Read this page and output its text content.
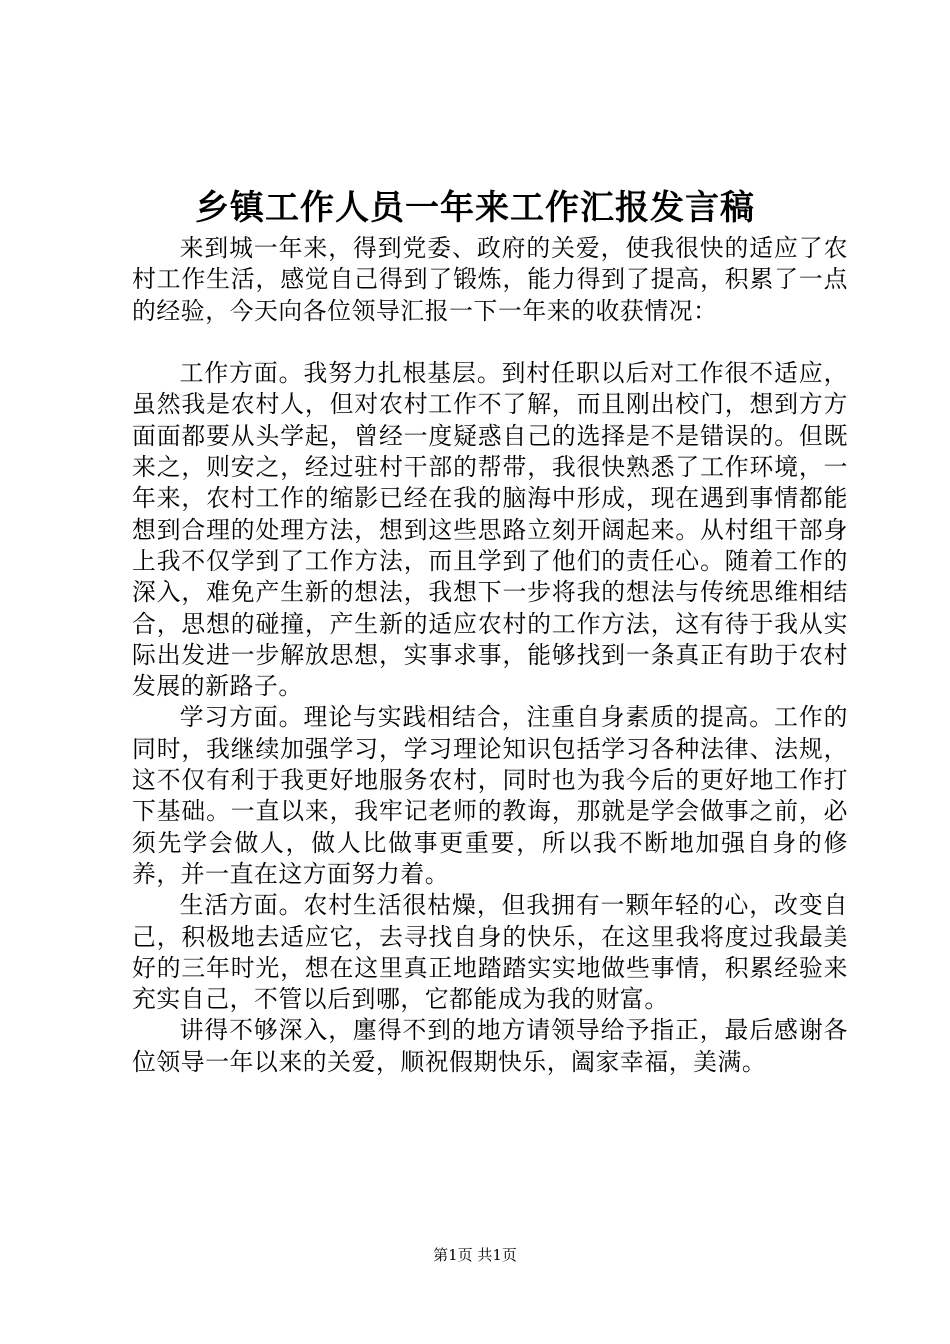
乡镇工作人员一年来工作汇报发言稿

来到城一年来，得到党委、政府的关爱，使我很快的适应了农村工作生活，感觉自己得到了锻炼，能力得到了提高，积累了一点的经验，今天向各位领导汇报一下一年来的收获情况：

工作方面。我努力扎根基层。到村任职以后对工作很不适应，虽然我是农村人，但对农村工作不了解，而且刚出校门，想到方方面面都要从头学起，曾经一度疑惑自己的选择是不是错误的。但既来之，则安之，经过驻村干部的帮带，我很快熟悉了工作环境，一年来，农村工作的缩影已经在我的脑海中形成，现在遇到事情都能想到合理的处理方法，想到这些思路立刻开阔起来。从村组干部身上我不仅学到了工作方法，而且学到了他们的责任心。随着工作的深入，难免产生新的想法，我想下一步将我的想法与传统思维相结合，思想的碰撞，产生新的适应农村的工作方法，这有待于我从实际出发进一步解放思想，实事求事，能够找到一条真正有助于农村发展的新路子。

学习方面。理论与实践相结合，注重自身素质的提高。工作的同时，我继续加强学习，学习理论知识包括学习各种法律、法规，这不仅有利于我更好地服务农村，同时也为我今后的更好地工作打下基础。一直以来，我牢记老师的教诲，那就是学会做事之前，必须先学会做人，做人比做事更重要，所以我不断地加强自身的修养，并一直在这方面努力着。

生活方面。农村生活很枯燥，但我拥有一颗年轻的心，改变自己，积极地去适应它，去寻找自身的快乐，在这里我将度过我最美好的三年时光，想在这里真正地踏踏实实地做些事情，积累经验来充实自己，不管以后到哪，它都能成为我的财富。

讲得不够深入，廛得不到的地方请领导给予指正，最后感谢各位领导一年以来的关爱，顺祝假期快乐，阖家幸福，美满。

第1页 共1页
